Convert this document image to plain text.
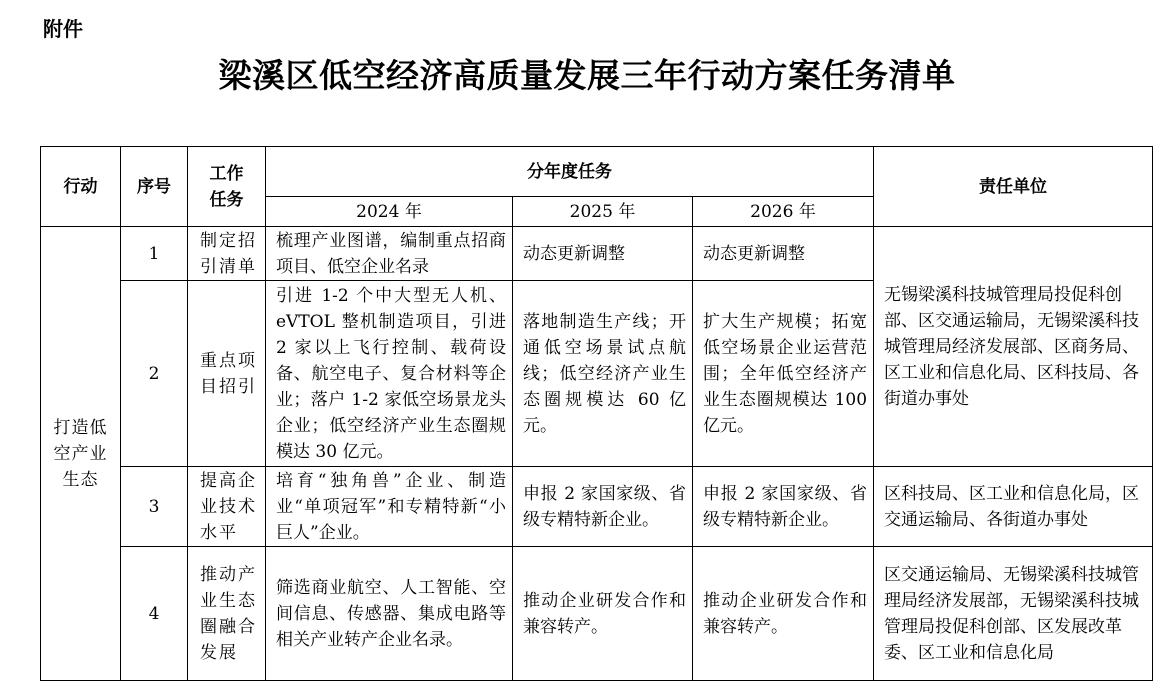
附件
梁溪区低空经济高质量发展三年行动方案任务清单
行动	序号	工作任务	分年度任务			责任单位
			2024 年	2025 年	2026 年	
打造低空产业生态	1	制定招引清单	梳理产业图谱，编制重点招商项目、低空企业名录	动态更新调整	动态更新调整	无锡梁溪科技城管理局投促科创部、区交通运输局，无锡梁溪科技城管理局经济发展部、区商务局、区工业和信息化局、区科技局、各街道办事处
	2	重点项目招引	引进 1-2 个中大型无人机、eVTOL 整机制造项目，引进 2 家以上飞行控制、载荷设备、航空电子、复合材料等企业；落户 1-2 家低空场景龙头企业；低空经济产业生态圈规模达 30 亿元。	落地制造生产线；开通低空场景试点航线；低空经济产业生态圈规模达 60 亿元。	扩大生产规模；拓宽低空场景企业运营范围；全年低空经济产业生态圈规模达 100 亿元。	
	3	提高企业技术水平	培育“独角兽”企业、制造业“单项冠军”和专精特新“小巨人”企业。	申报 2 家国家级、省级专精特新企业。	申报 2 家国家级、省级专精特新企业。	区科技局、区工业和信息化局，区交通运输局、各街道办事处
	4	推动产业生态圈融合发展	筛选商业航空、人工智能、空间信息、传感器、集成电路等相关产业转产企业名录。	推动企业研发合作和兼容转产。	推动企业研发合作和兼容转产。	区交通运输局、无锡梁溪科技城管理局经济发展部，无锡梁溪科技城管理局投促科创部、区发展改革委、区工业和信息化局
